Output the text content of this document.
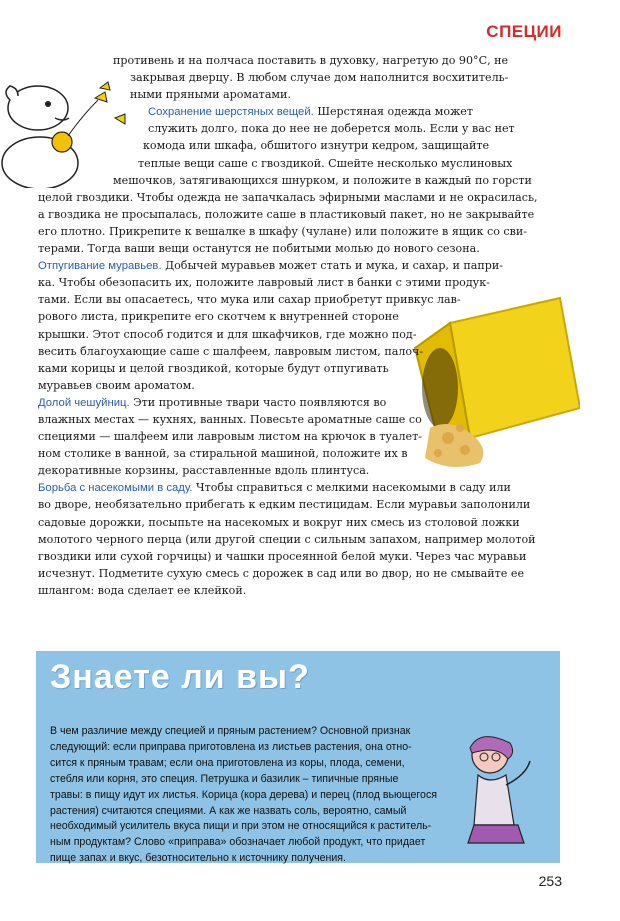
СПЕЦИИ
противень и на полчаса поставить в духовку, нагретую до 90°С, не
закрывая дверцу. В любом случае дом наполнится восхититель-
ными пряными ароматами.
Сохранение шерстяных вещей. Шерстяная одежда может
служить долго, пока до нее не доберется моль. Если у вас нет
комода или шкафа, обшитого изнутри кедром, защищайте
теплые вещи саше с гвоздикой. Сшейте несколько муслиновых
мешочков, затягивающихся шнурком, и положите в каждый по горсти
целой гвоздики. Чтобы одежда не запачкалась эфирными маслами и не окрасилась,
а гвоздика не просыпалась, положите саше в пластиковый пакет, но не закрывайте
его плотно. Прикрепите к вешалке в шкафу (чулане) или положите в ящик со сви-
терами. Тогда ваши вещи останутся не побитыми молью до нового сезона.
Отпугивание муравьев. Добычей муравьев может стать и мука, и сахар, и папри-
ка. Чтобы обезопасить их, положите лавровый лист в банки с этими продук-
тами. Если вы опасаетесь, что мука или сахар приобретут привкус лав-
рового листа, прикрепите его скотчем к внутренней стороне
крышки. Этот способ годится и для шкафчиков, где можно под-
весить благоухающие саше с шалфеем, лавровым листом, палоч-
ками корицы и целой гвоздикой, которые будут отпугивать
муравьев своим ароматом.
Долой чешуйниц. Эти противные твари часто появляются во
влажных местах — кухнях, ванных. Повесьте ароматные саше со
специями — шалфеем или лавровым листом на крючок в туалет-
ном столике в ванной, за стиральной машиной, положите их в
декоративные корзины, расставленные вдоль плинтуса.
Борьба с насекомыми в саду. Чтобы справиться с мелкими насекомыми в саду или
во дворе, необязательно прибегать к едким пестицидам. Если муравьи заполонили
садовые дорожки, посыпьте на насекомых и вокруг них смесь из столовой ложки
молотого черного перца (или другой специи с сильным запахом, например молотой
гвоздики или сухой горчицы) и чашки просеянной белой муки. Через час муравьи
исчезнут. Подметите сухую смесь с дорожек в сад или во двор, но не смывайте ее
шлангом: вода сделает ее клейкой.
Знаете ли вы?
В чем различие между специей и пряным растением? Основной признак
следующий: если приправа приготовлена из листьев растения, она отно-
сится к пряным травам; если она приготовлена из коры, плода, семени,
стебля или корня, это специя. Петрушка и базилик – типичные пряные
травы: в пищу идут их листья. Корица (кора дерева) и перец (плод вьющегося
растения) считаются специями. А как же назвать соль, вероятно, самый
необходимый усилитель вкуса пищи и при этом не относящийся к раститель-
ным продуктам? Слово «приправа» обозначает любой продукт, что придает
пище запах и вкус, безотносительно к источнику получения.
253
